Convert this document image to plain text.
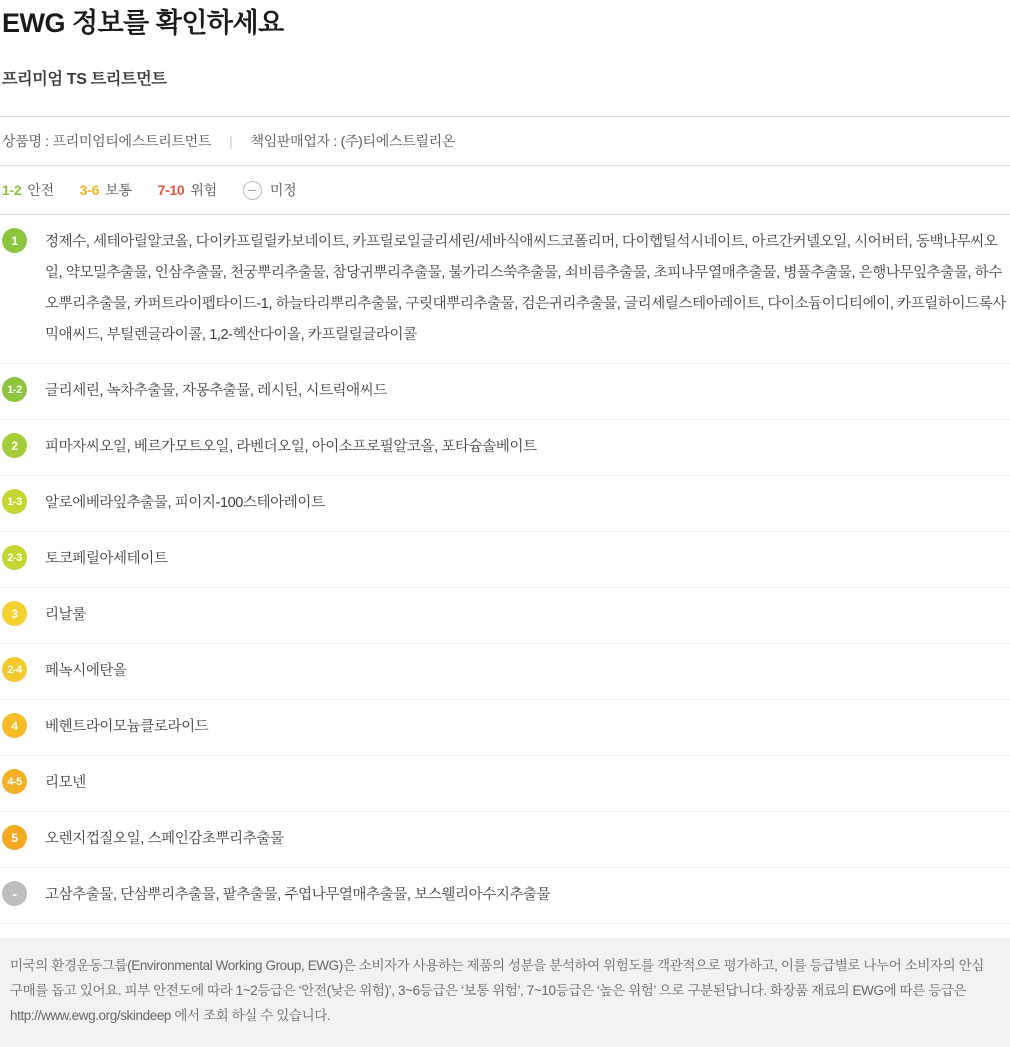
EWG 정보를 확인하세요
프리미엄 TS 트리트먼트
상품명 : 프리미엄티에스트리트먼트 | 책임판매업자 : (주)티에스트릴리온
1-2 안전 3-6 보통 7-10 위험	미정
1	정제수, 세테아릴알코올, 다이카프릴릴카보네이트, 카프릴로일글리세린/세바식애씨드코폴리머, 다이헵틸석시네이트, 아르간커넬오일, 시어버터, 동백나무씨오일, 약모밀추출물, 인삼추출물, 천궁뿌리추출물, 참당귀뿌리추출물, 불가리스쑥추출물, 쇠비름추출물, 초피나무열매추출물, 병풀추출물, 은행나무잎추출물, 하수오뿌리추출물, 카퍼트라이펩타이드-1, 하늘타리뿌리추출물, 구릿대뿌리추출물, 검은귀리추출물, 글리세릴스테아레이트, 다이소듐이디티에이, 카프릴하이드록사믹애씨드, 부틸렌글라이콜, 1,2-헥산다이올, 카프릴릴글라이콜
1-2	글리세린, 녹차추출물, 자몽추출물, 레시틴, 시트릭애씨드
2	피마자씨오일, 베르가모트오일, 라벤더오일, 아이소프로필알코올, 포타슘솔베이트
1-3	알로에베라잎추출물, 피이지-100스테아레이트
2-3	토코페릴아세테이트
3	리날룰
2-4	페녹시에탄올
4	베헨트라이모늄클로라이드
4-5	리모넨
5	오렌지껍질오일, 스페인감초뿌리추출물
-	고삼추출물, 단삼뿌리추출물, 팥추출물, 주엽나무열매추출물, 보스웰리아수지추출물
미국의 환경운동그룹(Environmental Working Group, EWG)은 소비자가 사용하는 제품의 성분을 분석하여 위험도를 객관적으로 평가하고, 이를 등급별로 나누어 소비자의 안심 구매를 돕고 있어요. 피부 안전도에 따라 1~2등급은 ‘안전(낮은 위험)’, 3~6등급은 ‘보통 위험’, 7~10등급은 ‘높은 위험’ 으로 구분된답니다. 화장품 재료의 EWG에 따른 등급은 http://www.ewg.org/skindeep 에서 조회 하실 수 있습니다.
